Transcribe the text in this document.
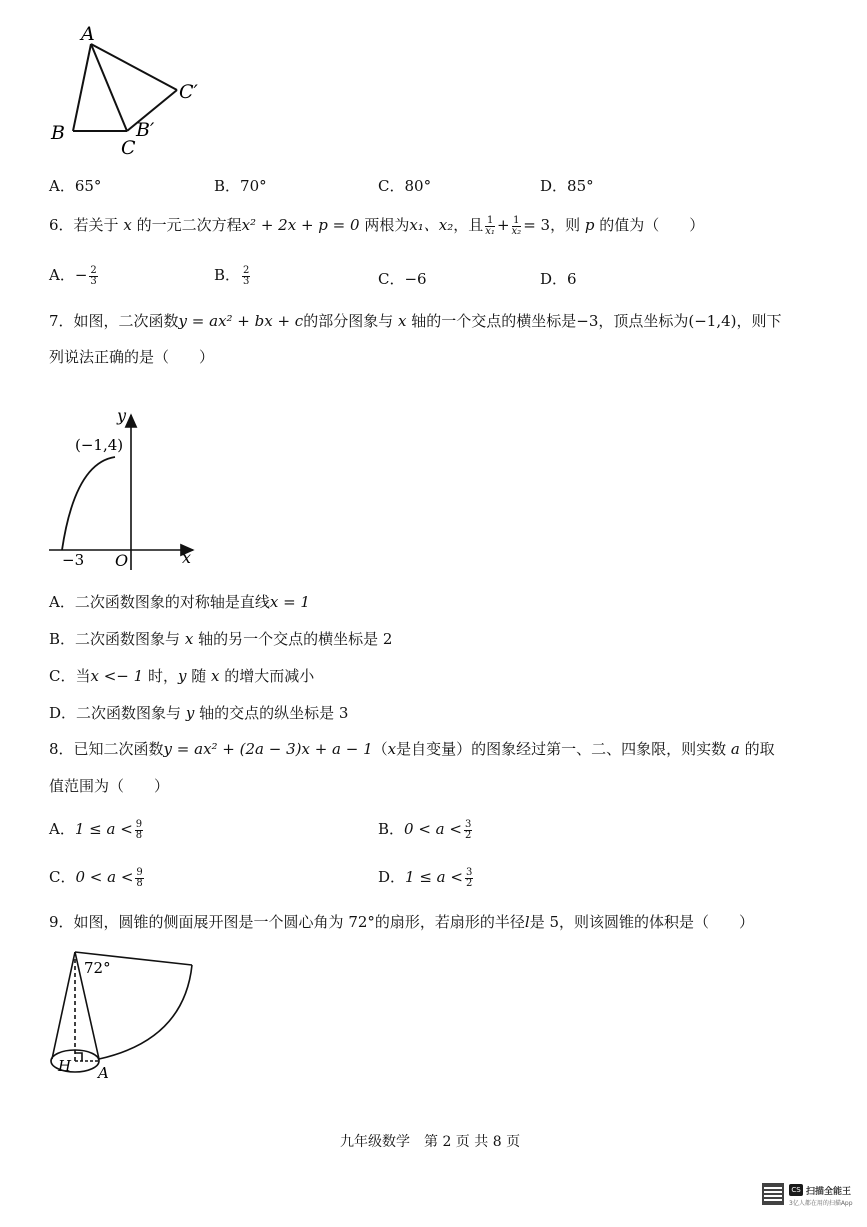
A
B
C
B′
C′
A．65°	B．70°	C．80°	D．85°
6．若关于 x 的一元二次方程x² + 2x + p = 0 两根为x₁、x₂，且 $\frac{1}{\text{x₁}} + \frac{1}{\text{x₂}} = 3$，则 p 的值为（　　）
A．− $\frac{2}{3}$	B． $\frac{2}{3}$	C．−6	D．6
7．如图，二次函数y = ax² + bx + c的部分图象与 x 轴的一个交点的横坐标是−3，顶点坐标为(−1,4)，则下
列说法正确的是（　　）
y
x
(−1,4)
−3 O
A．二次函数图象的对称轴是直线x = 1
B．二次函数图象与 x 轴的另一个交点的横坐标是 2
C．当x <− 1 时，y 随 x 的增大而减小
D．二次函数图象与 y 轴的交点的纵坐标是 3
8．已知二次函数y = ax² + (2a − 3)x + a − 1（x是自变量）的图象经过第一、二、四象限，则实数 a 的取
值范围为（　　）
A．$1 \le a < \frac{9}{8}$	B．$0 < a < \frac{3}{2}$
C．$0 < a < \frac{9}{8}$	D．$1 \le a < \frac{3}{2}$
9．如图，圆锥的侧面展开图是一个圆心角为 72°的扇形，若扇形的半径l是 5，则该圆锥的体积是（　　）
72°
H A
九年级数学　第 2 页 共 8 页
CS 扫描全能王
3亿人都在用的扫描App
